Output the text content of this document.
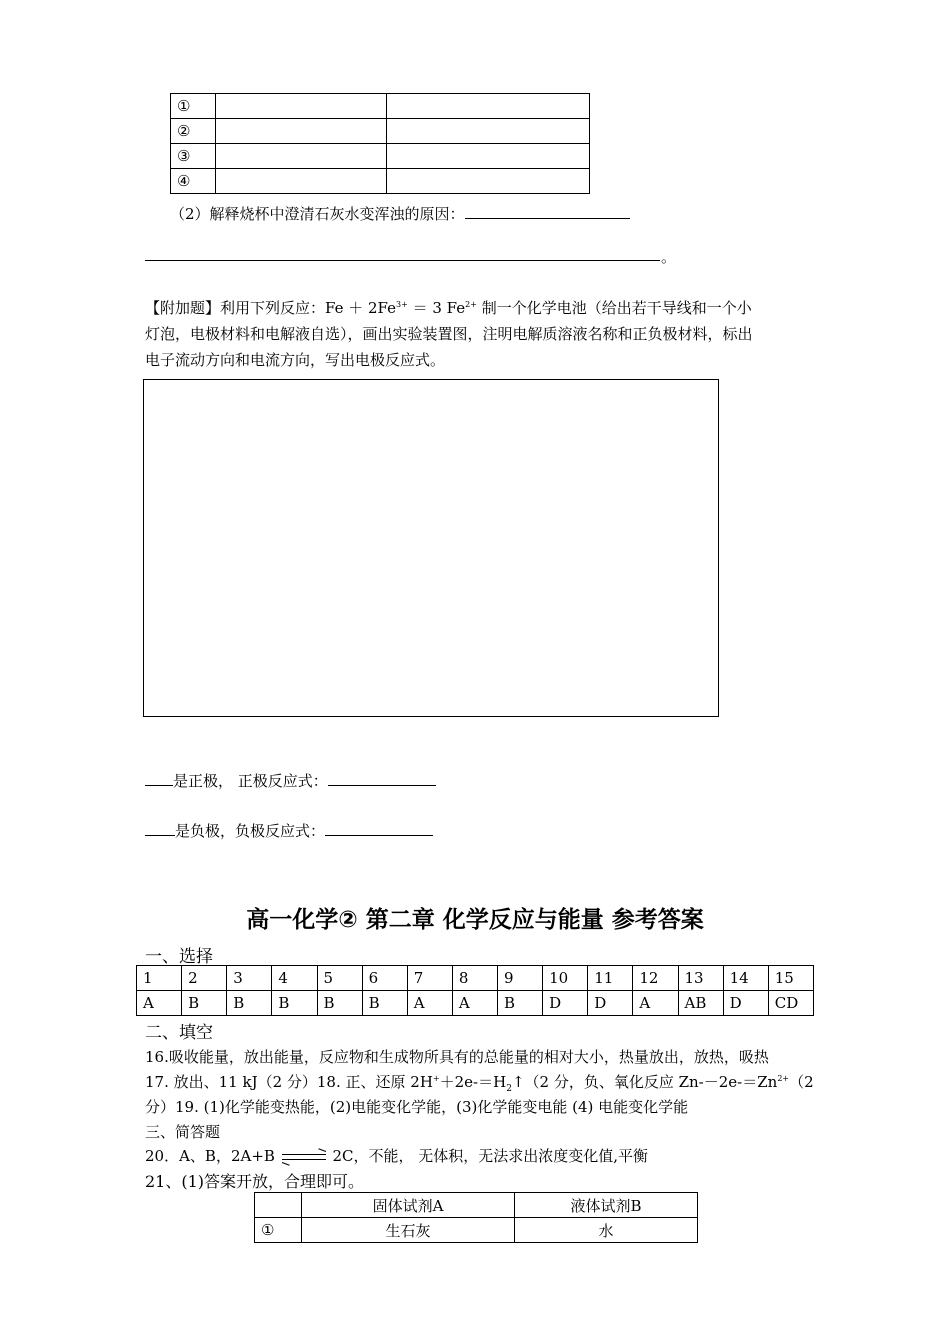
①		
②		
③		
④		
（2）解释烧杯中澄清石灰水变浑浊的原因：
。
【附加题】利用下列反应：$Fe + 2Fe^{3+} = 3$ $Fe^{2+}$ 制一个化学电池（给出若干导线和一个小
灯泡，电极材料和电解液自选），画出实验装置图，注明电解质溶液名称和正负极材料，标出
电子流动方向和电流方向，写出电极反应式。
是正极， 正极反应式：
是负极，负极反应式：
高一化学② 第二章 化学反应与能量 参考答案
一、选择
1	2	3	4	5	6	7	8	9	10	11	12	13	14	15
A	B	B	B	B	B	A	A	B	D	D	A	AB	D	CD
二、填空
16.吸收能量，放出能量，反应物和生成物所具有的总能量的相对大小，热量放出，放热，吸热
17. 放出、11 kJ（2 分）18. 正、还原 $2H^++2e-=H_2↑(2$ 分，负、氧化反应 $Zn--2e-=Zn^{2+}(2$
分）19. (1)化学能变热能，(2)电能变化学能，(3)化学能变电能 (4) 电能变化学能
三、简答题
20．A、B，2A+B ⇌ 2C，不能， 无体积，无法求出浓度变化值,平衡
21、(1)答案开放，合理即可。
	固体试剂A	液体试剂B
①	生石灰	水
